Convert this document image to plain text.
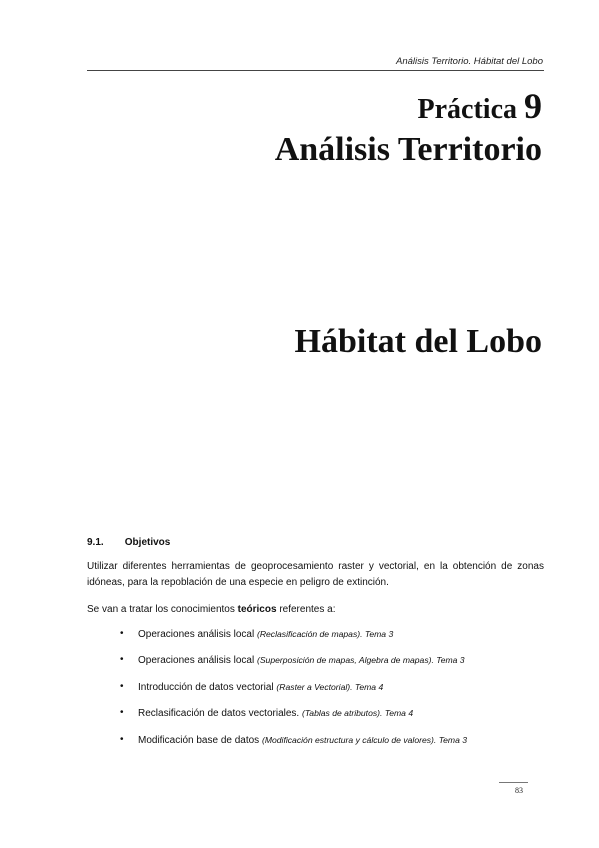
Análisis Territorio. Hábitat del Lobo
Práctica 9
Análisis Territorio
Hábitat del Lobo
9.1. Objetivos

Utilizar diferentes herramientas de geoprocesamiento raster y vectorial, en la obtención de zonas idóneas, para la repoblación de una especie en peligro de extinción.

Se van a tratar los conocimientos teóricos referentes a:

• Operaciones análisis local (Reclasificación de mapas). Tema 3
• Operaciones análisis local (Superposición de mapas, Algebra de mapas). Tema 3
• Introducción de datos vectorial (Raster a Vectorial). Tema 4
• Reclasificación de datos vectoriales. (Tablas de atributos). Tema 4
• Modificación base de datos (Modificación estructura y cálculo de valores). Tema 3
83
